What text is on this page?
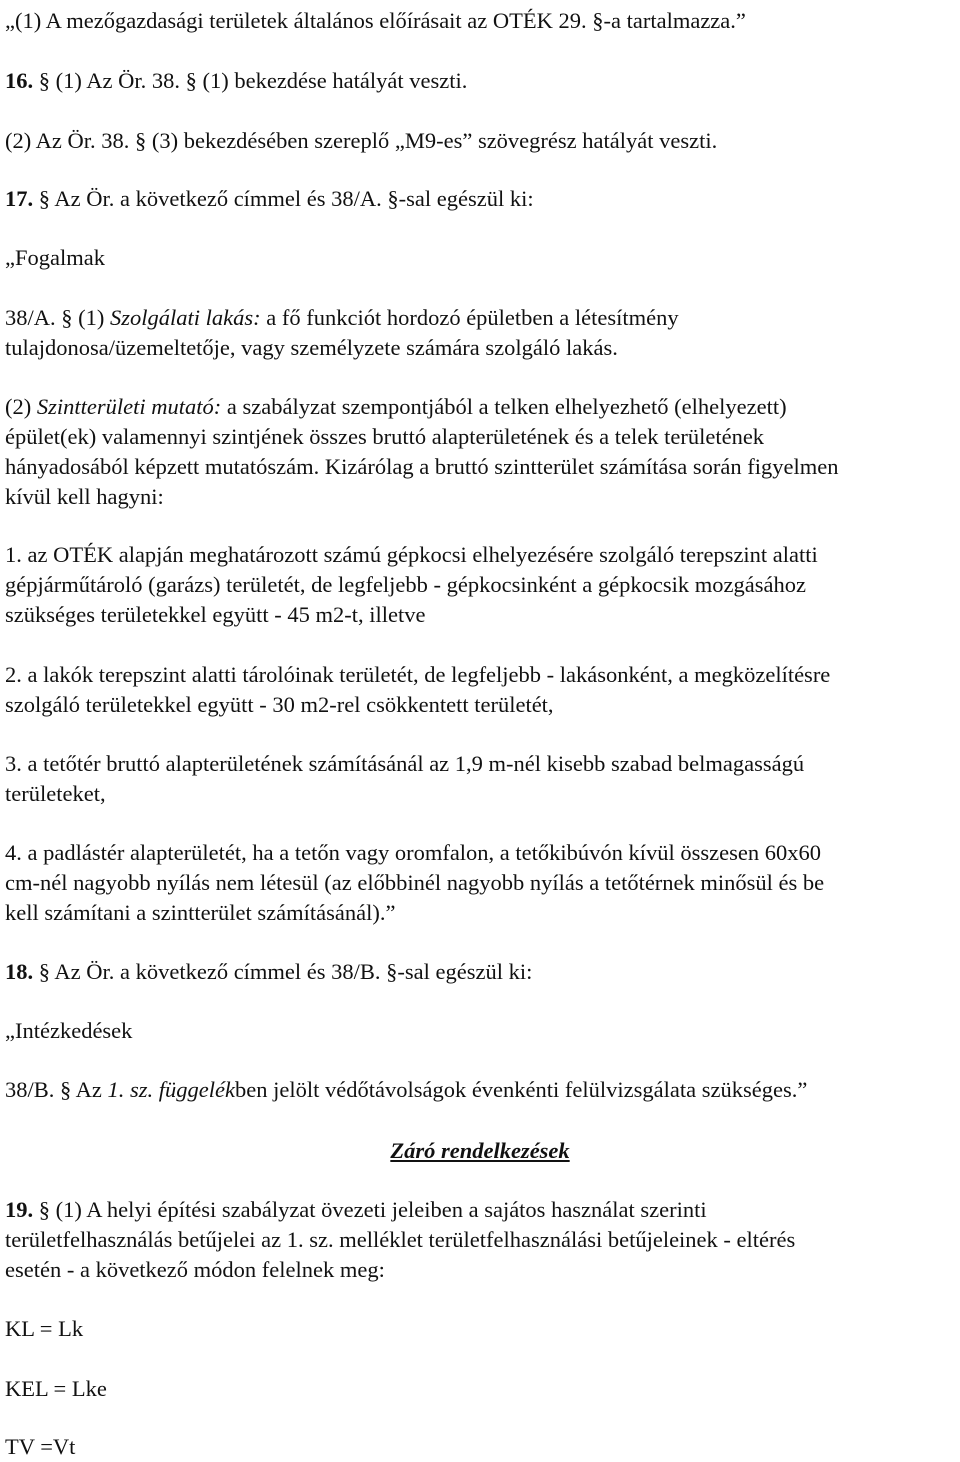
„(1) A mezőgazdasági területek általános előírásait az OTÉK 29. §-a tartalmazza.”

16. § (1) Az Ör. 38. § (1) bekezdése hatályát veszti.

(2) Az Ör. 38. § (3) bekezdésében szereplő „M9-es” szövegrész hatályát veszti.

17. § Az Ör. a következő címmel és 38/A. §-sal egészül ki:

„Fogalmak

38/A. § (1) Szolgálati lakás: a fő funkciót hordozó épületben a létesítmény
tulajdonosa/üzemeltetője, vagy személyzete számára szolgáló lakás.

(2) Szintterületi mutató: a szabályzat szempontjából a telken elhelyezhető (elhelyezett)
épület(ek) valamennyi szintjének összes bruttó alapterületének és a telek területének
hányadosából képzett mutatószám. Kizárólag a bruttó szintterület számítása során figyelmen
kívül kell hagyni:

1. az OTÉK alapján meghatározott számú gépkocsi elhelyezésére szolgáló terepszint alatti
gépjárműtároló (garázs) területét, de legfeljebb - gépkocsinként a gépkocsik mozgásához
szükséges területekkel együtt - 45 m2-t, illetve

2. a lakók terepszint alatti tárolóinak területét, de legfeljebb - lakásonként, a megközelítésre
szolgáló területekkel együtt - 30 m2-rel csökkentett területét,

3. a tetőtér bruttó alapterületének számításánál az 1,9 m-nél kisebb szabad belmagasságú
területeket,

4. a padlástér alapterületét, ha a tetőn vagy oromfalon, a tetőkibúvón kívül összesen 60x60
cm-nél nagyobb nyílás nem létesül (az előbbinél nagyobb nyílás a tetőtérnek minősül és be
kell számítani a szintterület számításánál).”

18. § Az Ör. a következő címmel és 38/B. §-sal egészül ki:

„Intézkedések

38/B. § Az 1. sz. függelékben jelölt védőtávolságok évenkénti felülvizsgálata szükséges.”

Záró rendelkezések

19. § (1) A helyi építési szabályzat övezeti jeleiben a sajátos használat szerinti
területfelhasználás betűjelei az 1. sz. melléklet területfelhasználási betűjeleinek - eltérés
esetén - a következő módon felelnek meg:

KL = Lk

KEL = Lke

TV =Vt
